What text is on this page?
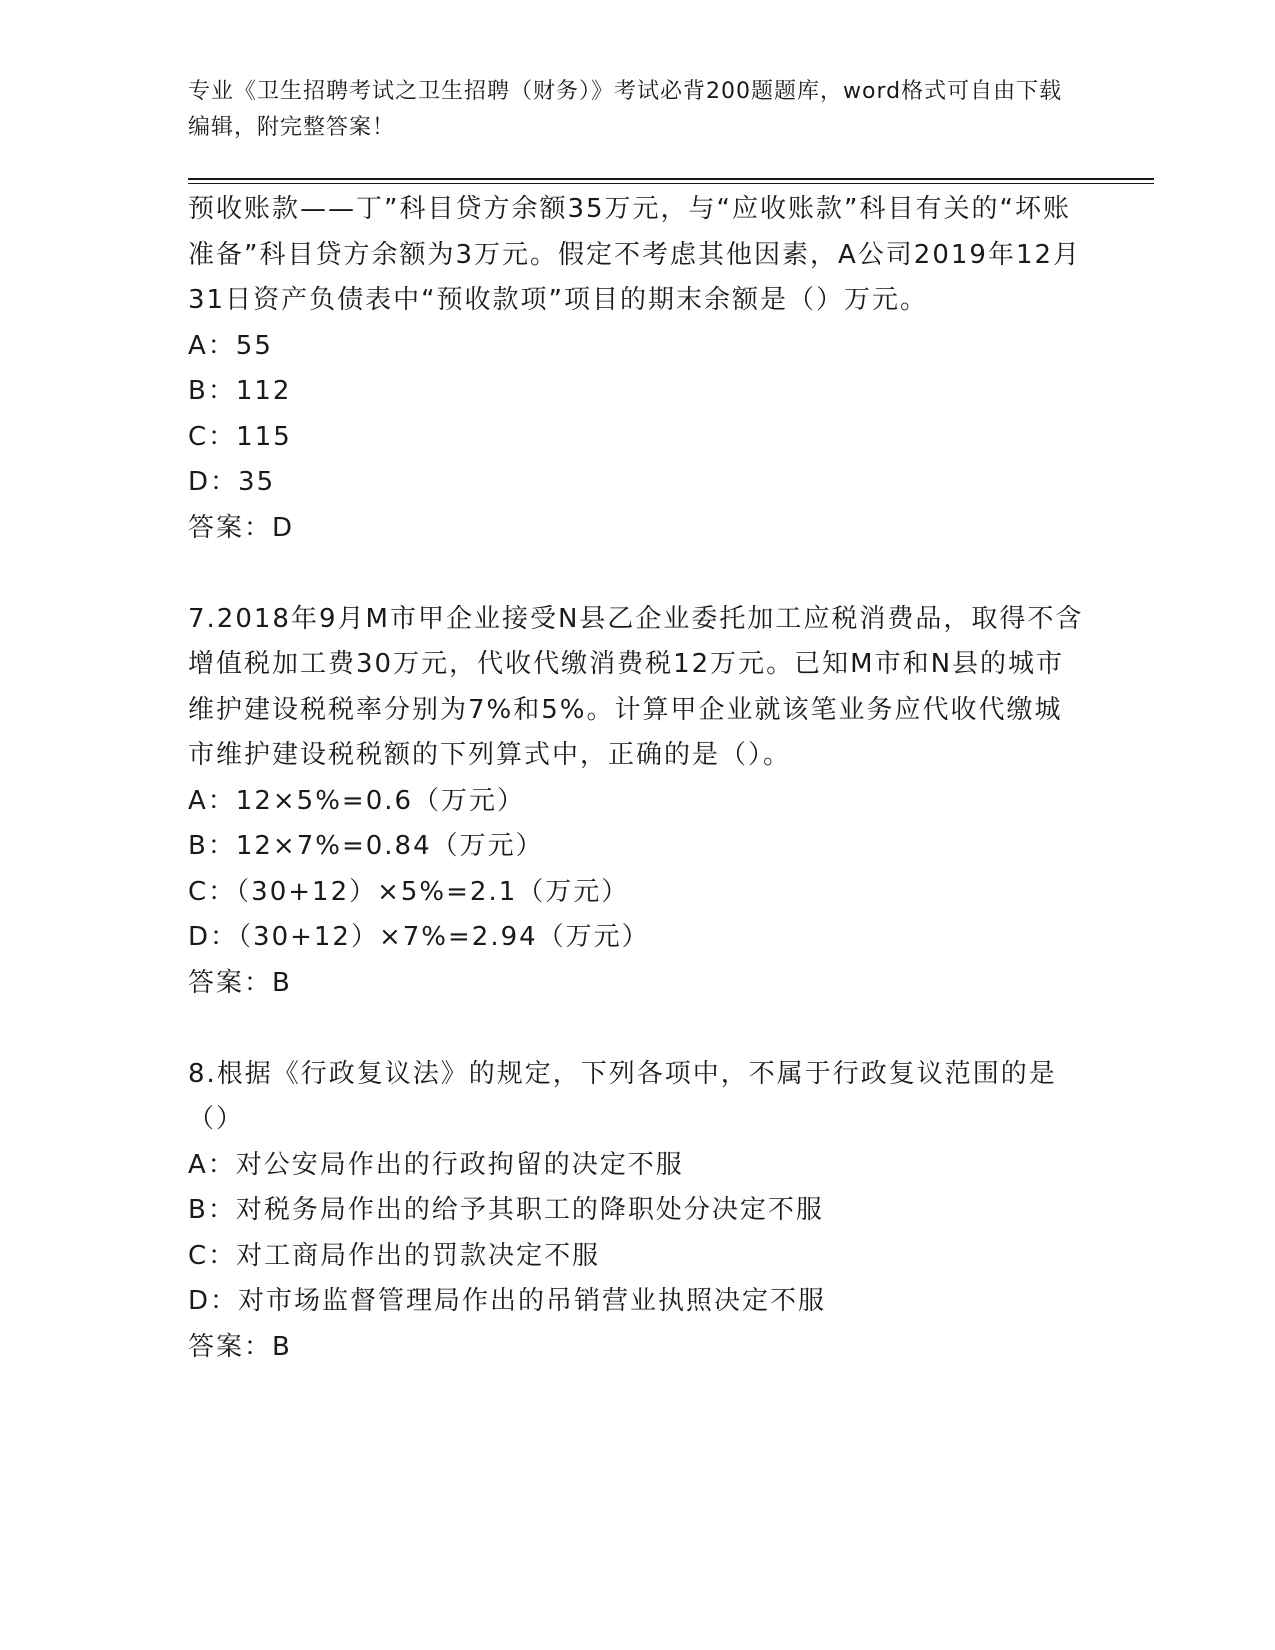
专业《卫生招聘考试之卫生招聘（财务）》考试必背200题题库，word格式可自由下载编辑，附完整答案！

预收账款——丁”科目贷方余额35万元，与“应收账款”科目有关的“坏账准备”科目贷方余额为3万元。假定不考虑其他因素，A公司2019年12月31日资产负债表中“预收款项”项目的期末余额是（）万元。

A：55

B：112

C：115

D：35

答案：D

7.2018年9月M市甲企业接受N县乙企业委托加工应税消费品，取得不含增值税加工费30万元，代收代缴消费税12万元。已知M市和N县的城市维护建设税税率分别为7%和5%。计算甲企业就该笔业务应代收代缴城市维护建设税税额的下列算式中，正确的是（）。

A：12×5%=0.6（万元）

B：12×7%=0.84（万元）

C：（30+12）×5%=2.1（万元）

D：（30+12）×7%=2.94（万元）

答案：B

8.根据《行政复议法》的规定，下列各项中，不属于行政复议范围的是（）

A：对公安局作出的行政拘留的决定不服

B：对税务局作出的给予其职工的降职处分决定不服

C：对工商局作出的罚款决定不服

D：对市场监督管理局作出的吊销营业执照决定不服

答案：B
